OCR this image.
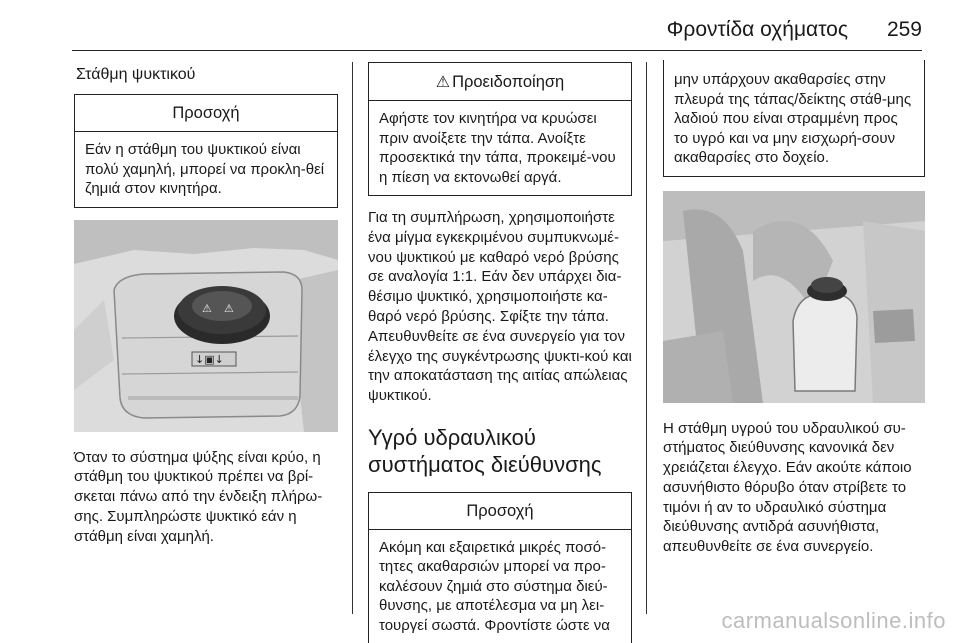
Φροντίδα οχήματος 259
Στάθμη ψυκτικού
Προσοχή
Εάν η στάθμη του ψυκτικού είναι πολύ χαμηλή, μπορεί να προκλη-θεί ζημιά στον κινητήρα.
⚠ ⚠
↓▣↓
Όταν το σύστημα ψύξης είναι κρύο, η στάθμη του ψυκτικού πρέπει να βρί-σκεται πάνω από την ένδειξη πλήρω-σης. Συμπληρώστε ψυκτικό εάν η στάθμη είναι χαμηλή.
⚠ Προειδοποίηση
Αφήστε τον κινητήρα να κρυώσει πριν ανοίξετε την τάπα. Ανοίξτε προσεκτικά την τάπα, προκειμέ-νου η πίεση να εκτονωθεί αργά.
Για τη συμπλήρωση, χρησιμοποιήστε ένα μίγμα εγκεκριμένου συμπυκνωμέ-νου ψυκτικού με καθαρό νερό βρύσης σε αναλογία 1:1. Εάν δεν υπάρχει δια-θέσιμο ψυκτικό, χρησιμοποιήστε κα-θαρό νερό βρύσης. Σφίξτε την τάπα. Απευθυνθείτε σε ένα συνεργείο για τον έλεγχο της συγκέντρωσης ψυκτι-κού και την αποκατάσταση της αιτίας απώλειας ψυκτικού.
Υγρό υδραυλικού συστήματος διεύθυνσης
Προσοχή
Ακόμη και εξαιρετικά μικρές ποσό-τητες ακαθαρσιών μπορεί να προ-καλέσουν ζημιά στο σύστημα διεύ-θυνσης, με αποτέλεσμα να μη λει-τουργεί σωστά. Φροντίστε ώστε να
μην υπάρχουν ακαθαρσίες στην πλευρά της τάπας/δείκτης στάθ-μης λαδιού που είναι στραμμένη προς το υγρό και να μην εισχωρή-σουν ακαθαρσίες στο δοχείο.
Η στάθμη υγρού του υδραυλικού συ-στήματος διεύθυνσης κανονικά δεν χρειάζεται έλεγχο. Εάν ακούτε κάποιο ασυνήθιστο θόρυβο όταν στρίβετε το τιμόνι ή αν το υδραυλικό σύστημα διεύθυνσης αντιδρά ασυνήθιστα, απευθυνθείτε σε ένα συνεργείο.
carmanualsonline.info
